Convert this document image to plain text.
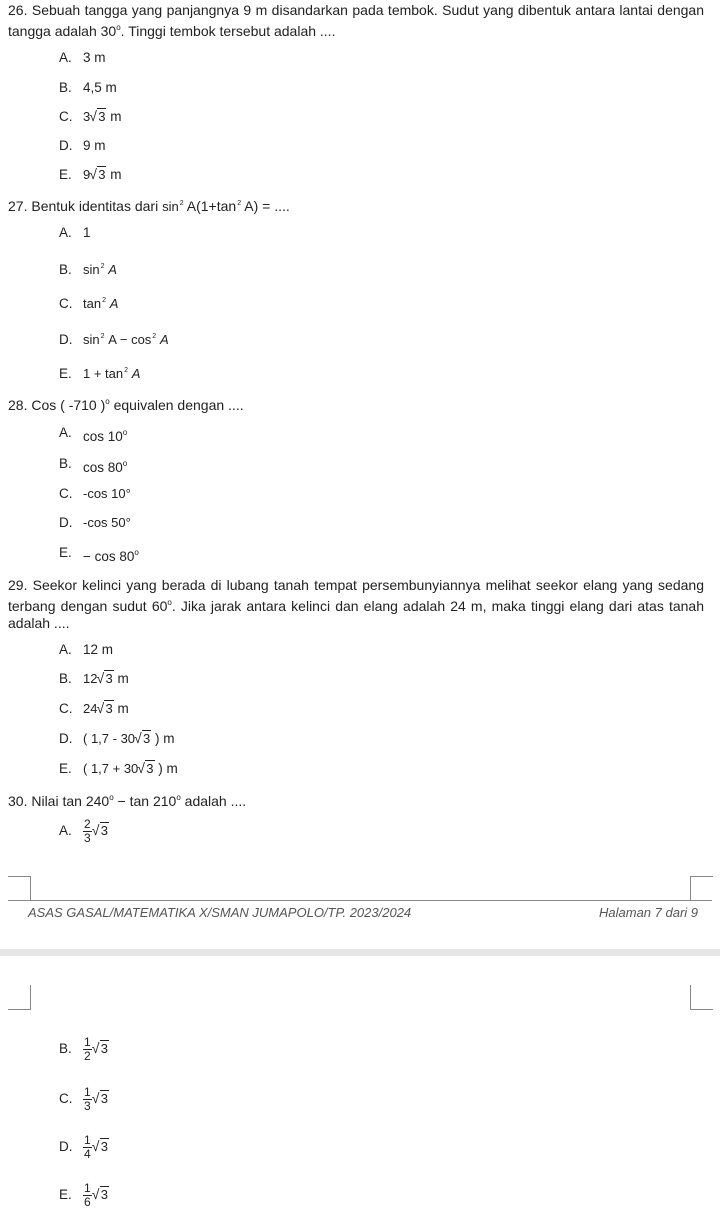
26. Sebuah tangga yang panjangnya 9 m disandarkan pada tembok. Sudut yang dibentuk antara lantai dengan tangga adalah 30$^o$. Tinggi tembok tersebut adalah ....
A. 3 m
B. 4,5 m
C. 3 √ 3 m
D. 9 m
E. 9 √ 3 m
27. Bentuk identitas dari $\sin^2 A(1+\tan^2$ A) = ....
A. 1
B. $\sin^2 A$
C. $\tan^2 A$
D. $\sin^2 A - \cos^2 A$
E. $1 + \tan^2 A$
28. Cos ( -710 )$^o$ equivalen dengan ....
A. cos 10$^o$
B. cos 80$^o$
C. -cos 10°
D. -cos 50°
E. − cos 80$^o$
29. Seekor kelinci yang berada di lubang tanah tempat persembunyiannya melihat seekor elang yang sedang terbang dengan sudut 60$^o$. Jika jarak antara kelinci dan elang adalah 24 m, maka tinggi elang dari atas tanah adalah ....
A. 12 m
B. 12 √ 3 m
C. 24 √ 3 m
D. ( 1,7 - 30 √ 3 ) m
E. ( 1,7 + 30 √ 3 ) m
30. Nilai $\tan 240^o - \tan 210^o$ adalah ....
A. $\frac{2}{3}$ √ 3
ASAS GASAL/MATEMATIKA X/SMAN JUMAPOLO/TP. 2023/2024	Halaman 7 dari 9
B. $\frac{1}{2}$ √ 3
C. $\frac{1}{3}$ √ 3
D. $\frac{1}{4}$ √ 3
E. $\frac{1}{6}$ √ 3
